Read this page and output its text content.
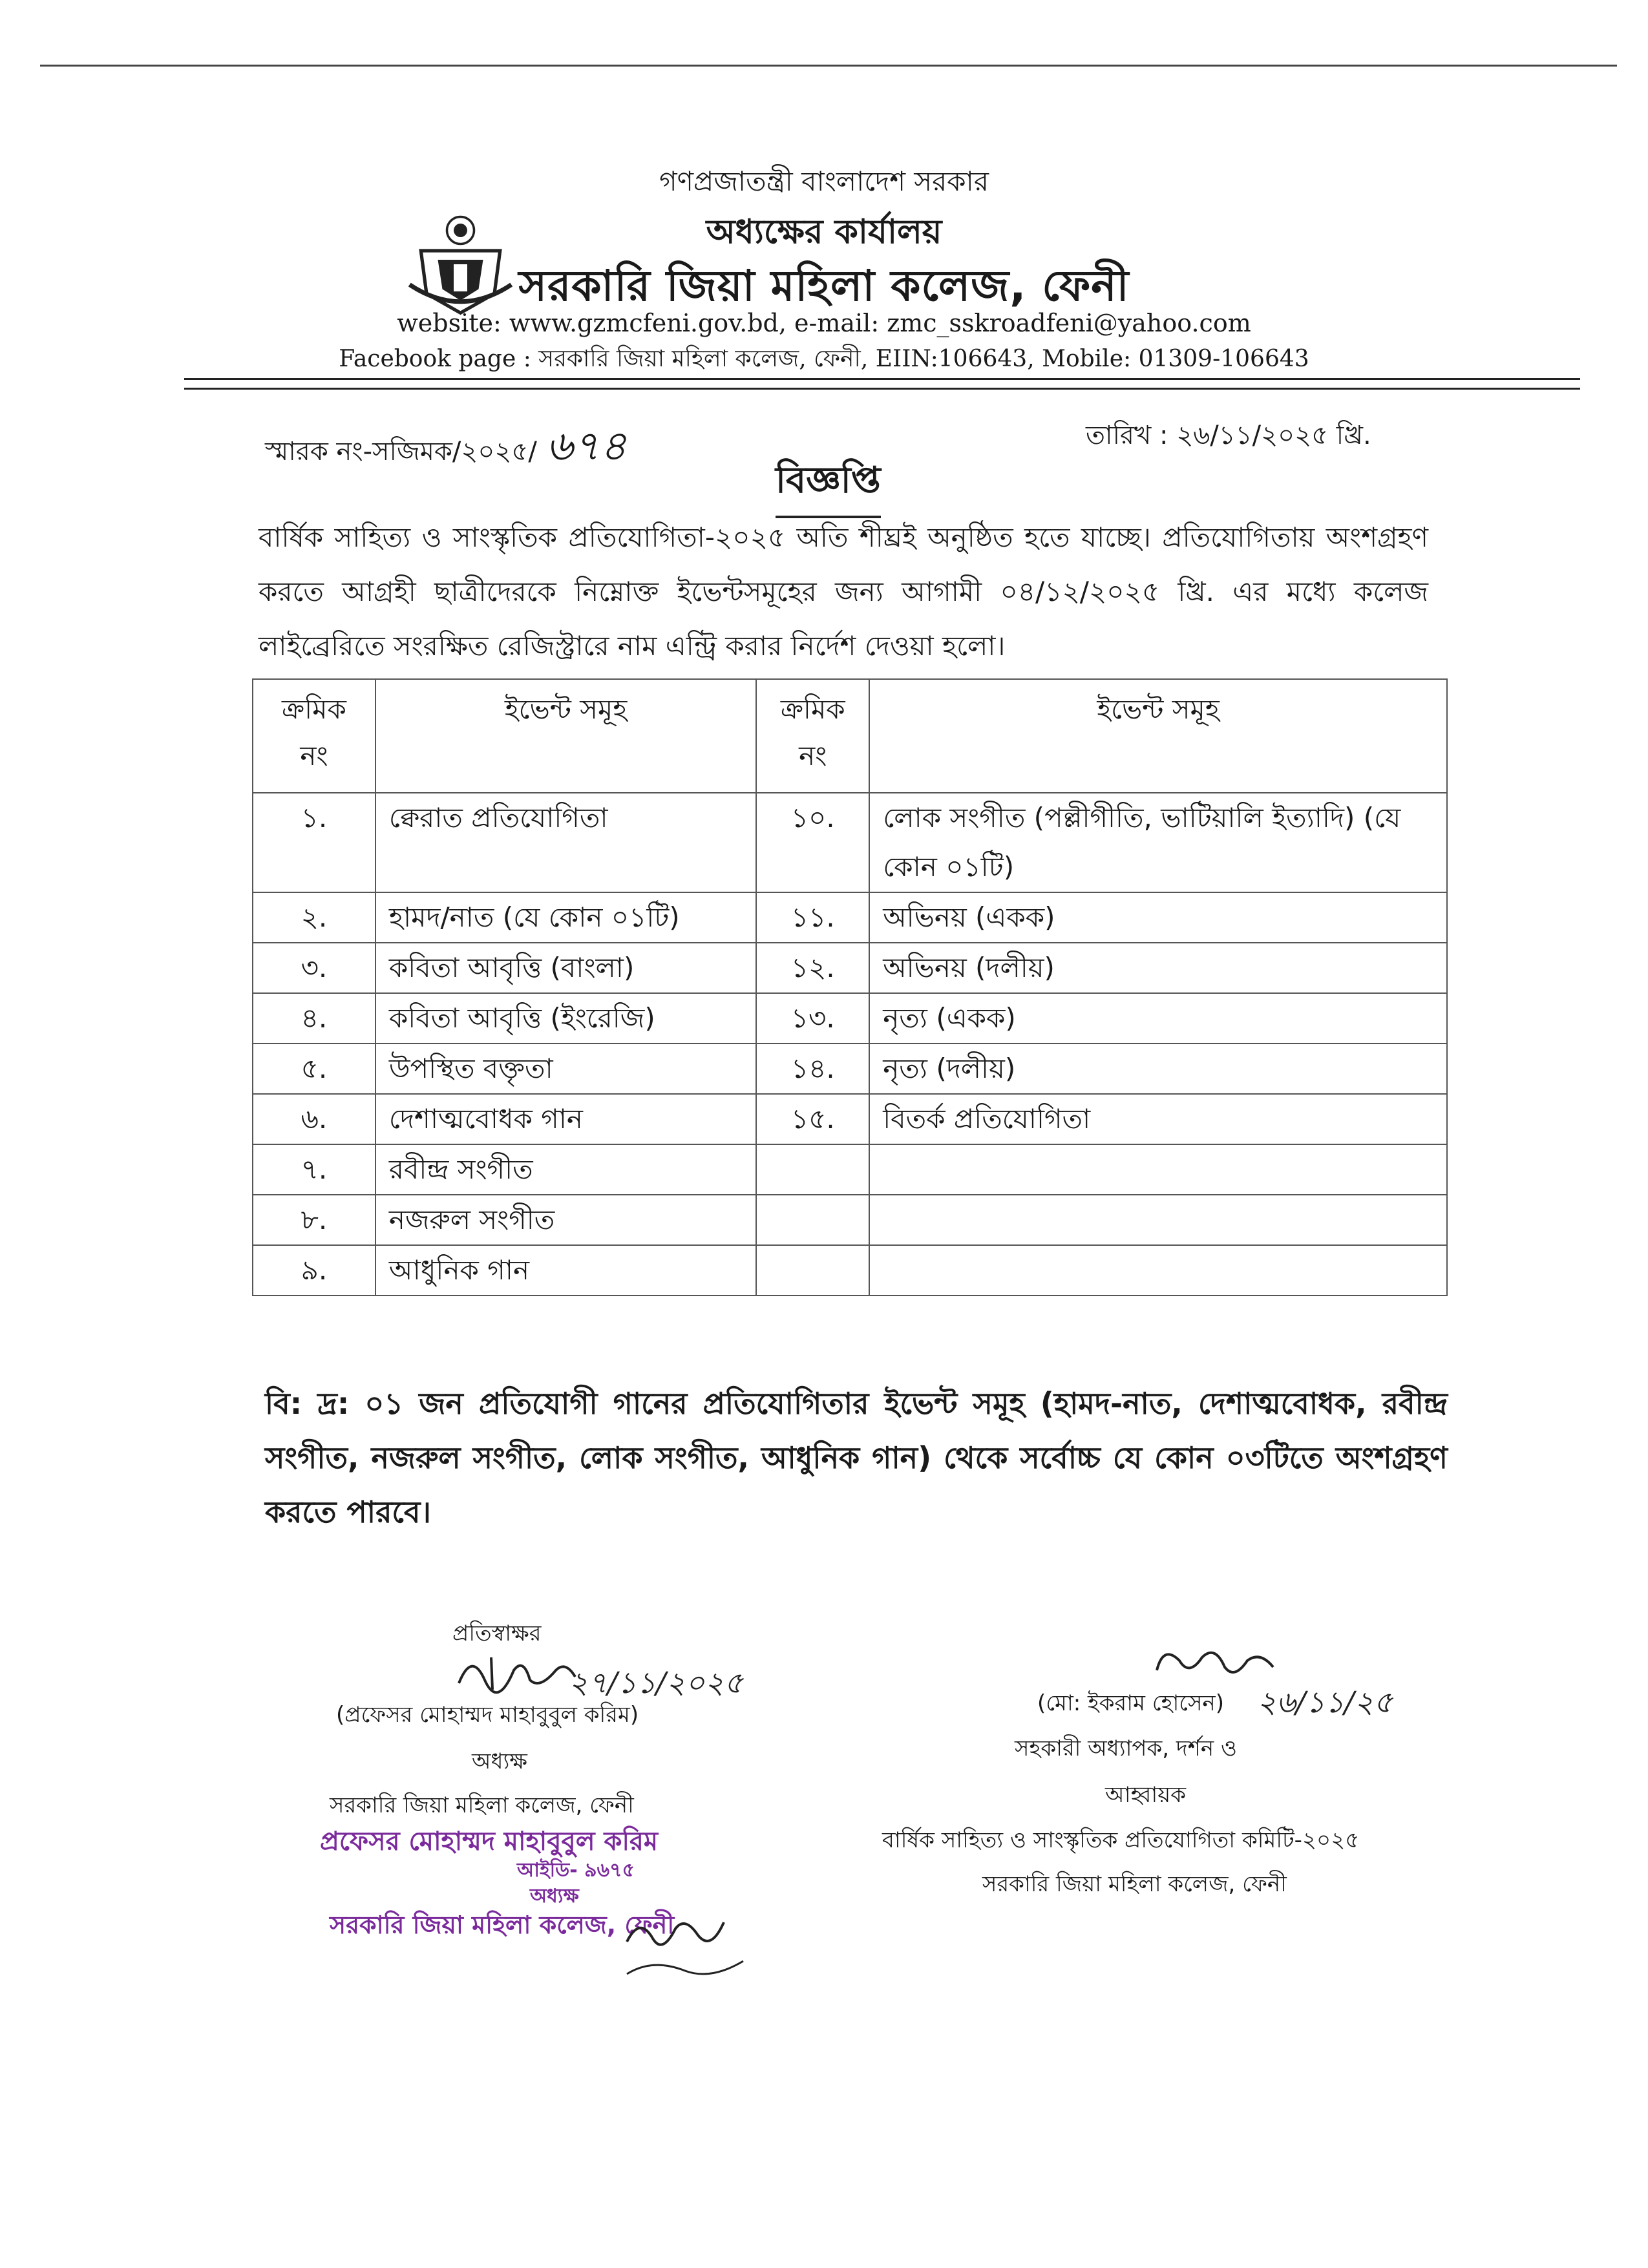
গণপ্রজাতন্ত্রী বাংলাদেশ সরকার
অধ্যক্ষের কার্যালয়
সরকারি জিয়া মহিলা কলেজ, ফেনী
website: www.gzmcfeni.gov.bd, e-mail: zmc_sskroadfeni@yahoo.com
Facebook page : সরকারি জিয়া মহিলা কলেজ, ফেনী, EIIN:106643, Mobile: 01309-106643
স্মারক নং-সজিমক/২০২৫/ ৬৭৪	তারিখ : ২৬/১১/২০২৫ খ্রি.
বিজ্ঞপ্তি
বার্ষিক সাহিত্য ও সাংস্কৃতিক প্রতিযোগিতা-২০২৫ অতি শীঘ্রই অনুষ্ঠিত হতে যাচ্ছে। প্রতিযোগিতায় অংশগ্রহণ করতে আগ্রহী ছাত্রীদেরকে নিম্নোক্ত ইভেন্টসমূহের জন্য আগামী ০৪/১২/২০২৫ খ্রি. এর মধ্যে কলেজ লাইব্রেরিতে সংরক্ষিত রেজিস্ট্রারে নাম এন্ট্রি করার নির্দেশ দেওয়া হলো।
ক্রমিক নং	ইভেন্ট সমূহ	ক্রমিক নং	ইভেন্ট সমূহ
১.	ক্বেরাত প্রতিযোগিতা	১০.	লোক সংগীত (পল্লীগীতি, ভাটিয়ালি ইত্যাদি) (যে কোন ০১টি)
২.	হামদ/নাত (যে কোন ০১টি)	১১.	অভিনয় (একক)
৩.	কবিতা আবৃত্তি (বাংলা)	১২.	অভিনয় (দলীয়)
৪.	কবিতা আবৃত্তি (ইংরেজি)	১৩.	নৃত্য (একক)
৫.	উপস্থিত বক্তৃতা	১৪.	নৃত্য (দলীয়)
৬.	দেশাত্মবোধক গান	১৫.	বিতর্ক প্রতিযোগিতা
৭.	রবীন্দ্র সংগীত		
৮.	নজরুল সংগীত		
৯.	আধুনিক গান		
বি: দ্র: ০১ জন প্রতিযোগী গানের প্রতিযোগিতার ইভেন্ট সমূহ (হামদ-নাত, দেশাত্মবোধক, রবীন্দ্র সংগীত, নজরুল সংগীত, লোক সংগীত, আধুনিক গান) থেকে সর্বোচ্চ যে কোন ০৩টিতে অংশগ্রহণ করতে পারবে।
প্রতিস্বাক্ষর
২৭/১১/২০২৫
(প্রফেসর মোহাম্মদ মাহাবুবুল করিম)
অধ্যক্ষ
সরকারি জিয়া মহিলা কলেজ, ফেনী
প্রফেসর মোহাম্মদ মাহাবুবুল করিম
আইডি- ৯৬৭৫
অধ্যক্ষ
সরকারি জিয়া মহিলা কলেজ, ফেনী
২৬/১১/২৫
(মো: ইকরাম হোসেন)
সহকারী অধ্যাপক, দর্শন ও
আহ্বায়ক
বার্ষিক সাহিত্য ও সাংস্কৃতিক প্রতিযোগিতা কমিটি-২০২৫
সরকারি জিয়া মহিলা কলেজ, ফেনী
